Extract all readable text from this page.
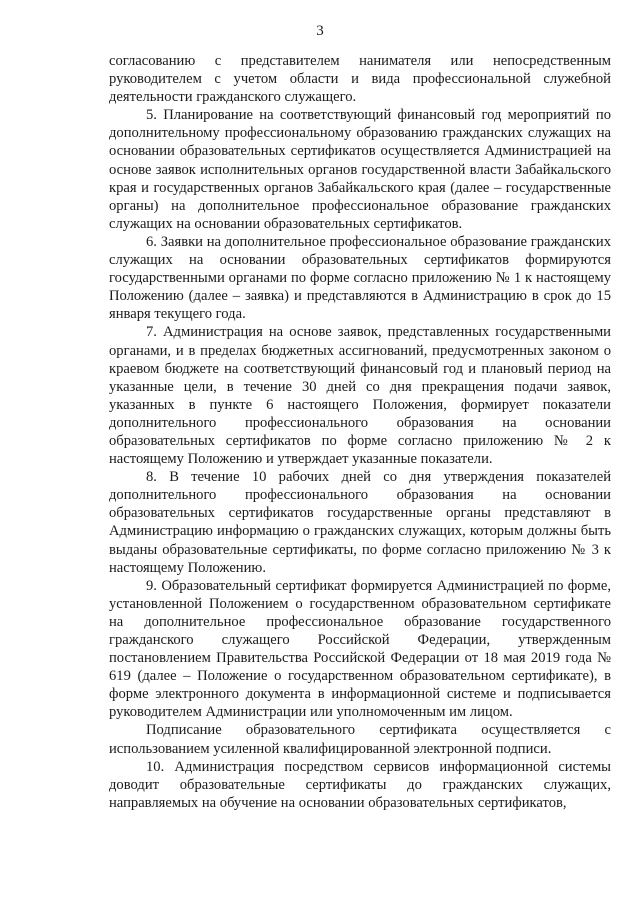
3

согласованию с представителем нанимателя или непосредственным руководителем с учетом области и вида профессиональной служебной деятельности гражданского служащего.

5. Планирование на соответствующий финансовый год мероприятий по дополнительному профессиональному образованию гражданских служащих на основании образовательных сертификатов осуществляется Администрацией на основе заявок исполнительных органов государственной власти Забайкальского края и государственных органов Забайкальского края (далее – государственные органы) на дополнительное профессиональное образование гражданских служащих на основании образовательных сертификатов.

6. Заявки на дополнительное профессиональное образование гражданских служащих на основании образовательных сертификатов формируются государственными органами по форме согласно приложению № 1 к настоящему Положению (далее – заявка) и представляются в Администрацию в срок до 15 января текущего года.

7. Администрация на основе заявок, представленных государственными органами, и в пределах бюджетных ассигнований, предусмотренных законом о краевом бюджете на соответствующий финансовый год и плановый период на указанные цели, в течение 30 дней со дня прекращения подачи заявок, указанных в пункте 6 настоящего Положения, формирует показатели дополнительного профессионального образования на основании образовательных сертификатов по форме согласно приложению № 2 к настоящему Положению и утверждает указанные показатели.

8. В течение 10 рабочих дней со дня утверждения показателей дополнительного профессионального образования на основании образовательных сертификатов государственные органы представляют в Администрацию информацию о гражданских служащих, которым должны быть выданы образовательные сертификаты, по форме согласно приложению № 3 к настоящему Положению.

9. Образовательный сертификат формируется Администрацией по форме, установленной Положением о государственном образовательном сертификате на дополнительное профессиональное образование государственного гражданского служащего Российской Федерации, утвержденным постановлением Правительства Российской Федерации от 18 мая 2019 года № 619 (далее – Положение о государственном образовательном сертификате), в форме электронного документа в информационной системе и подписывается руководителем Администрации или уполномоченным им лицом.

Подписание образовательного сертификата осуществляется с использованием усиленной квалифицированной электронной подписи.

10. Администрация посредством сервисов информационной системы доводит образовательные сертификаты до гражданских служащих, направляемых на обучение на основании образовательных сертификатов,
